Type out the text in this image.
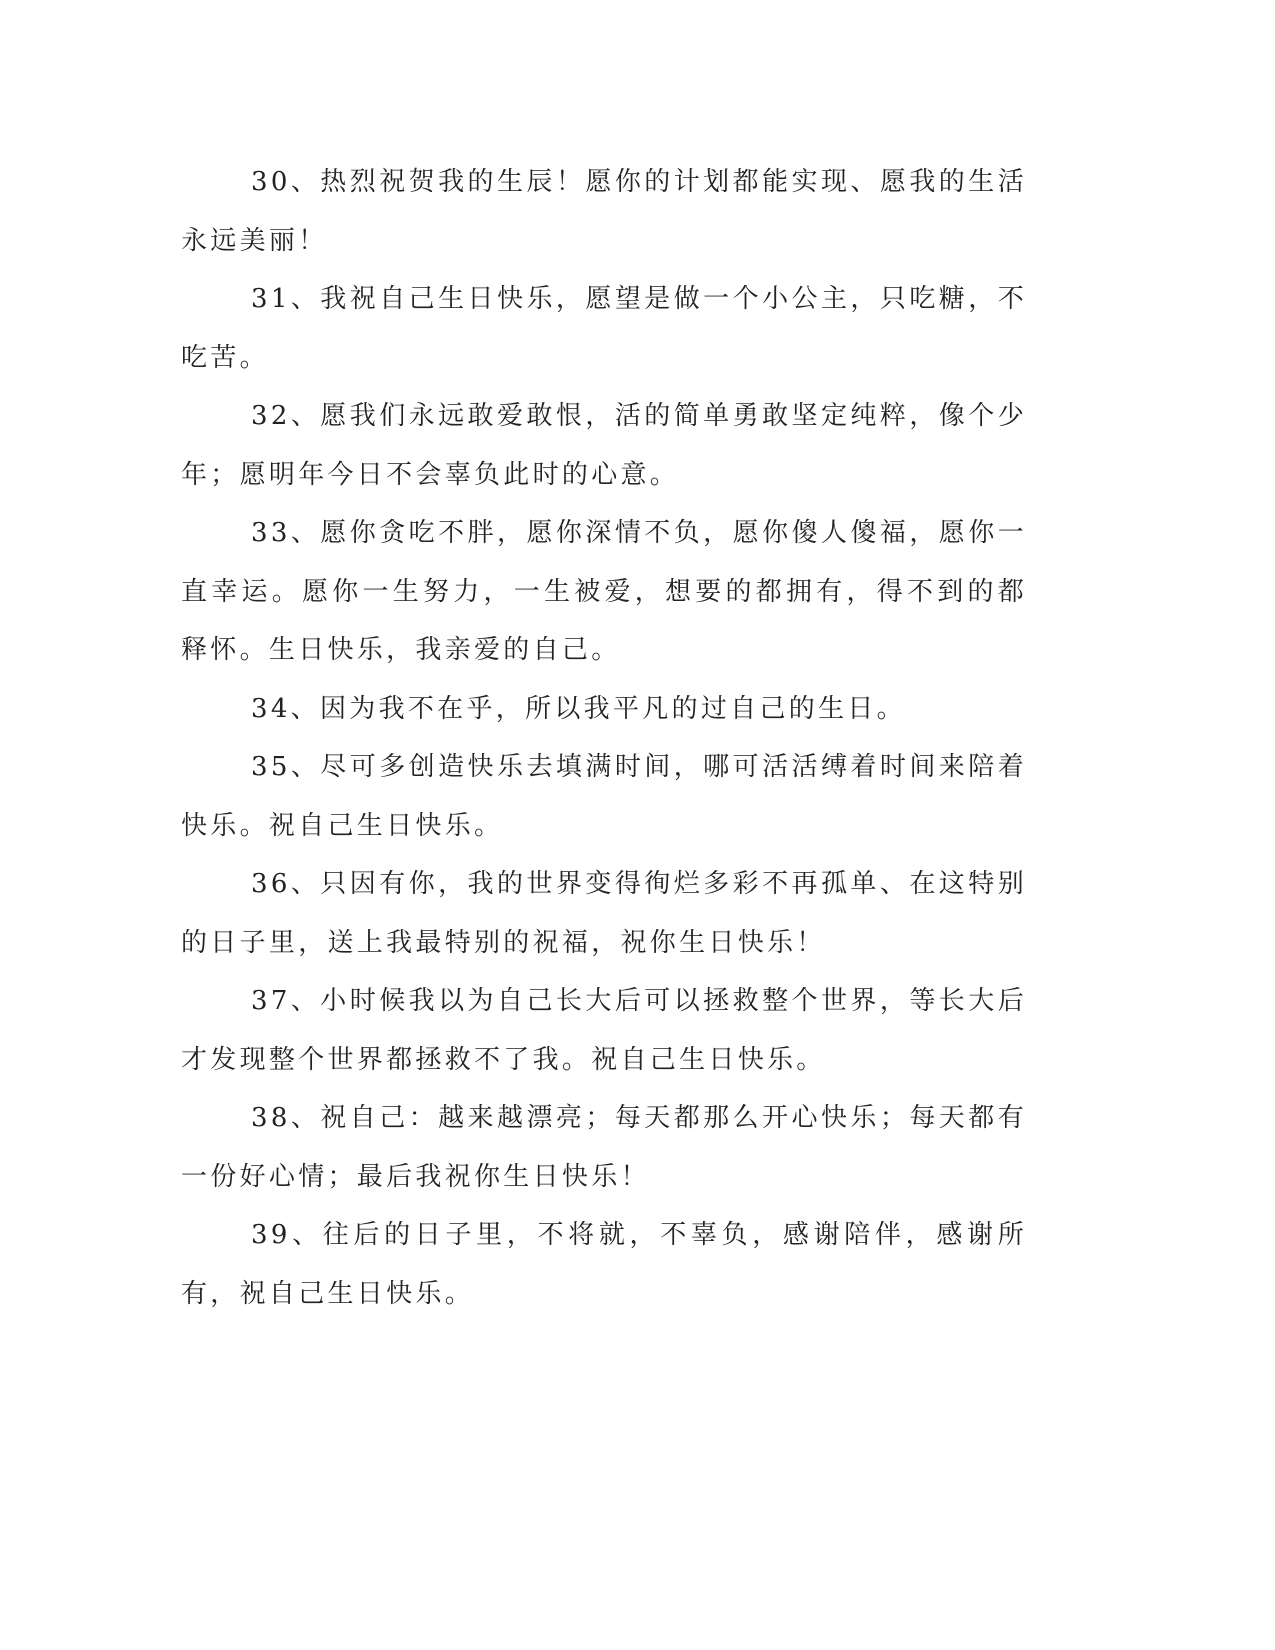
30、热烈祝贺我的生辰！愿你的计划都能实现、愿我的生活永远美丽！

31、我祝自己生日快乐，愿望是做一个小公主，只吃糖，不吃苦。

32、愿我们永远敢爱敢恨，活的简单勇敢坚定纯粹，像个少年；愿明年今日不会辜负此时的心意。

33、愿你贪吃不胖，愿你深情不负，愿你傻人傻福，愿你一直幸运。愿你一生努力，一生被爱，想要的都拥有，得不到的都释怀。生日快乐，我亲爱的自己。

34、因为我不在乎，所以我平凡的过自己的生日。

35、尽可多创造快乐去填满时间，哪可活活缚着时间来陪着快乐。祝自己生日快乐。

36、只因有你，我的世界变得徇烂多彩不再孤单、在这特别的日子里，送上我最特别的祝福，祝你生日快乐！

37、小时候我以为自己长大后可以拯救整个世界，等长大后才发现整个世界都拯救不了我。祝自己生日快乐。

38、祝自己：越来越漂亮；每天都那么开心快乐；每天都有一份好心情；最后我祝你生日快乐！

39、往后的日子里，不将就，不辜负，感谢陪伴，感谢所有，祝自己生日快乐。
